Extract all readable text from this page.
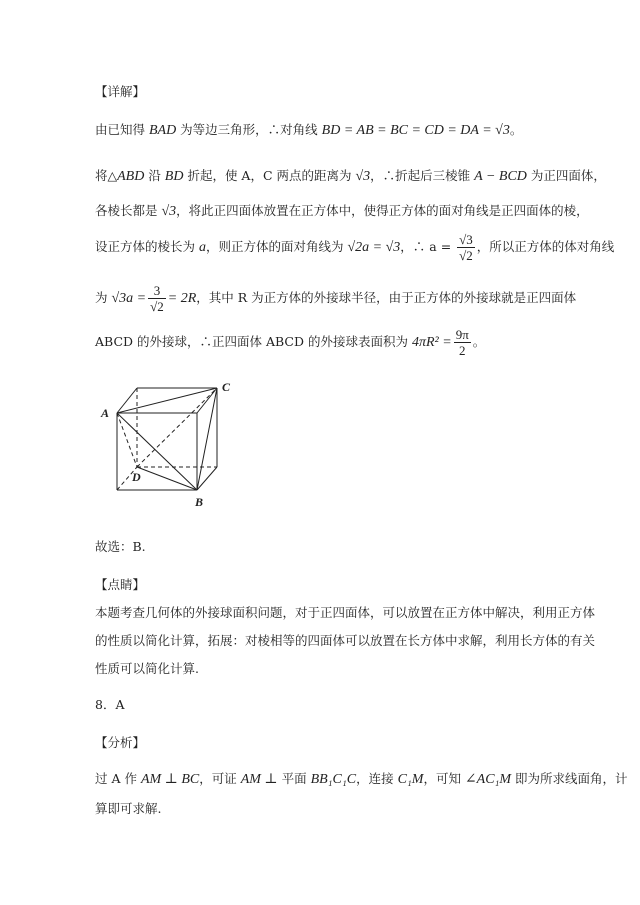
【详解】
由已知得 BAD 为等边三角形，∴对角线 BD = AB = BC = CD = DA = √3。
将△ABD 沿 BD 折起，使 A，C 两点的距离为 √3，∴折起后三棱锥 A − BCD 为正四面体，
各棱长都是 √3，将此正四面体放置在正方体中，使得正方体的面对角线是正四面体的棱，
设正方体的棱长为 a，则正方体的面对角线为 √2a = √3，∴ $a = \frac{√3}{√2}$ ，所以正方体的体对角线
为 $√3a = \frac{3}{√2} = 2R$，其中 R 为正方体的外接球半径，由于正方体的外接球就是正四面体
ABCD 的外接球，∴正四面体 ABCD 的外接球表面积为 $4\pi R^2 = \frac{9\pi}{2}$ 。
A
C
D
B
故选：B.
【点睛】
本题考查几何体的外接球面积问题，对于正四面体，可以放置在正方体中解决，利用正方体
的性质以简化计算，拓展：对棱相等的四面体可以放置在长方体中求解，利用长方体的有关
性质可以简化计算.
8．A
【分析】
过 A 作 AM ⊥ BC，可证 AM ⊥ 平面 BB₁C₁C，连接 C₁M，可知 ∠AC₁M 即为所求线面角，计
算即可求解.
